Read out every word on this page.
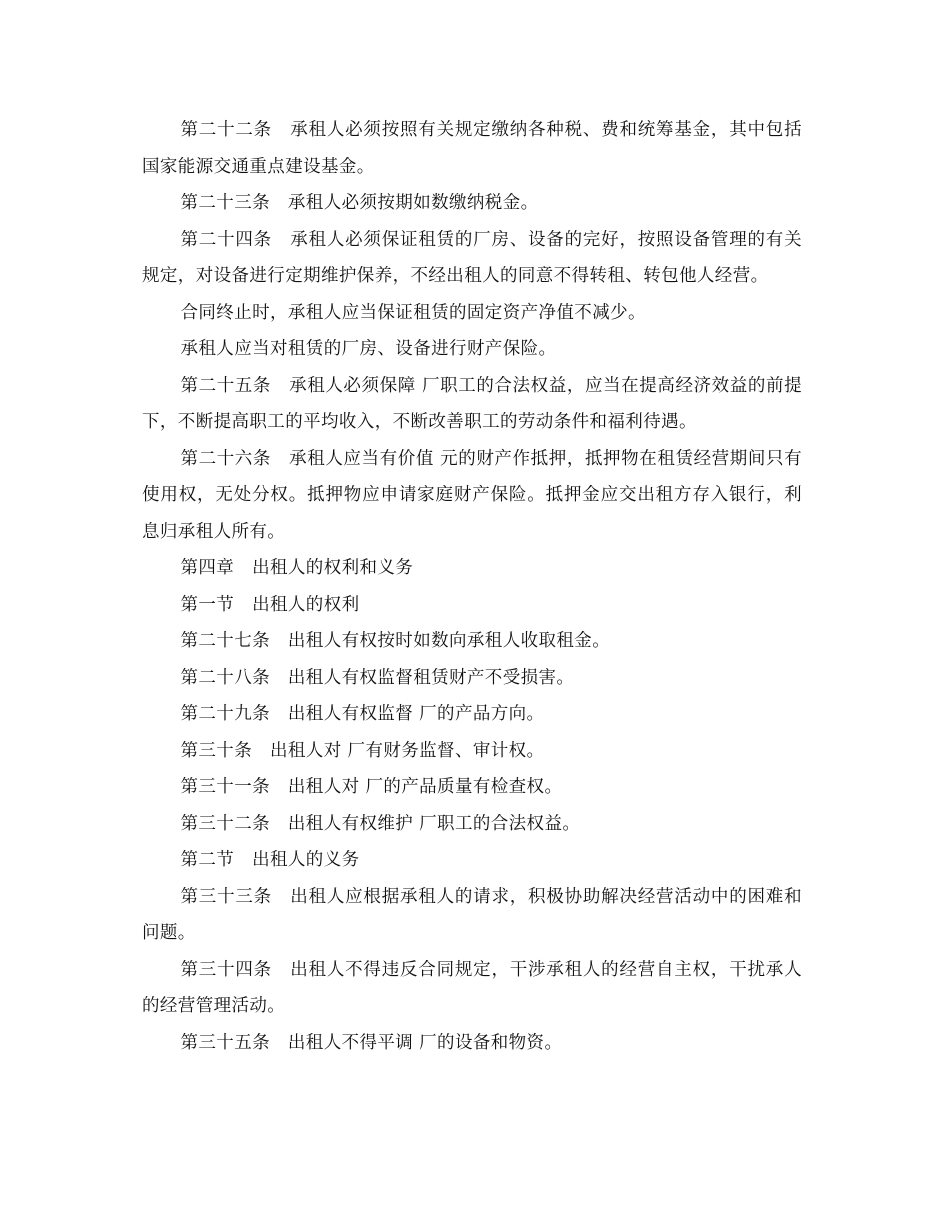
第二十二条　承租人必须按照有关规定缴纳各种税、费和统筹基金，其中包括国家能源交通重点建设基金。

第二十三条　承租人必须按期如数缴纳税金。

第二十四条　承租人必须保证租赁的厂房、设备的完好，按照设备管理的有关规定，对设备进行定期维护保养，不经出租人的同意不得转租、转包他人经营。

合同终止时，承租人应当保证租赁的固定资产净值不减少。

承租人应当对租赁的厂房、设备进行财产保险。

第二十五条　承租人必须保障 厂职工的合法权益，应当在提高经济效益的前提下，不断提高职工的平均收入，不断改善职工的劳动条件和福利待遇。

第二十六条　承租人应当有价值 元的财产作抵押，抵押物在租赁经营期间只有使用权，无处分权。抵押物应申请家庭财产保险。抵押金应交出租方存入银行，利息归承租人所有。

第四章　出租人的权利和义务

第一节　出租人的权利

第二十七条　出租人有权按时如数向承租人收取租金。

第二十八条　出租人有权监督租赁财产不受损害。

第二十九条　出租人有权监督 厂的产品方向。

第三十条　出租人对 厂有财务监督、审计权。

第三十一条　出租人对 厂的产品质量有检查权。

第三十二条　出租人有权维护 厂职工的合法权益。

第二节　出租人的义务

第三十三条　出租人应根据承租人的请求，积极协助解决经营活动中的困难和问题。

第三十四条　出租人不得违反合同规定，干涉承租人的经营自主权，干扰承人的经营管理活动。

第三十五条　出租人不得平调 厂的设备和物资。
